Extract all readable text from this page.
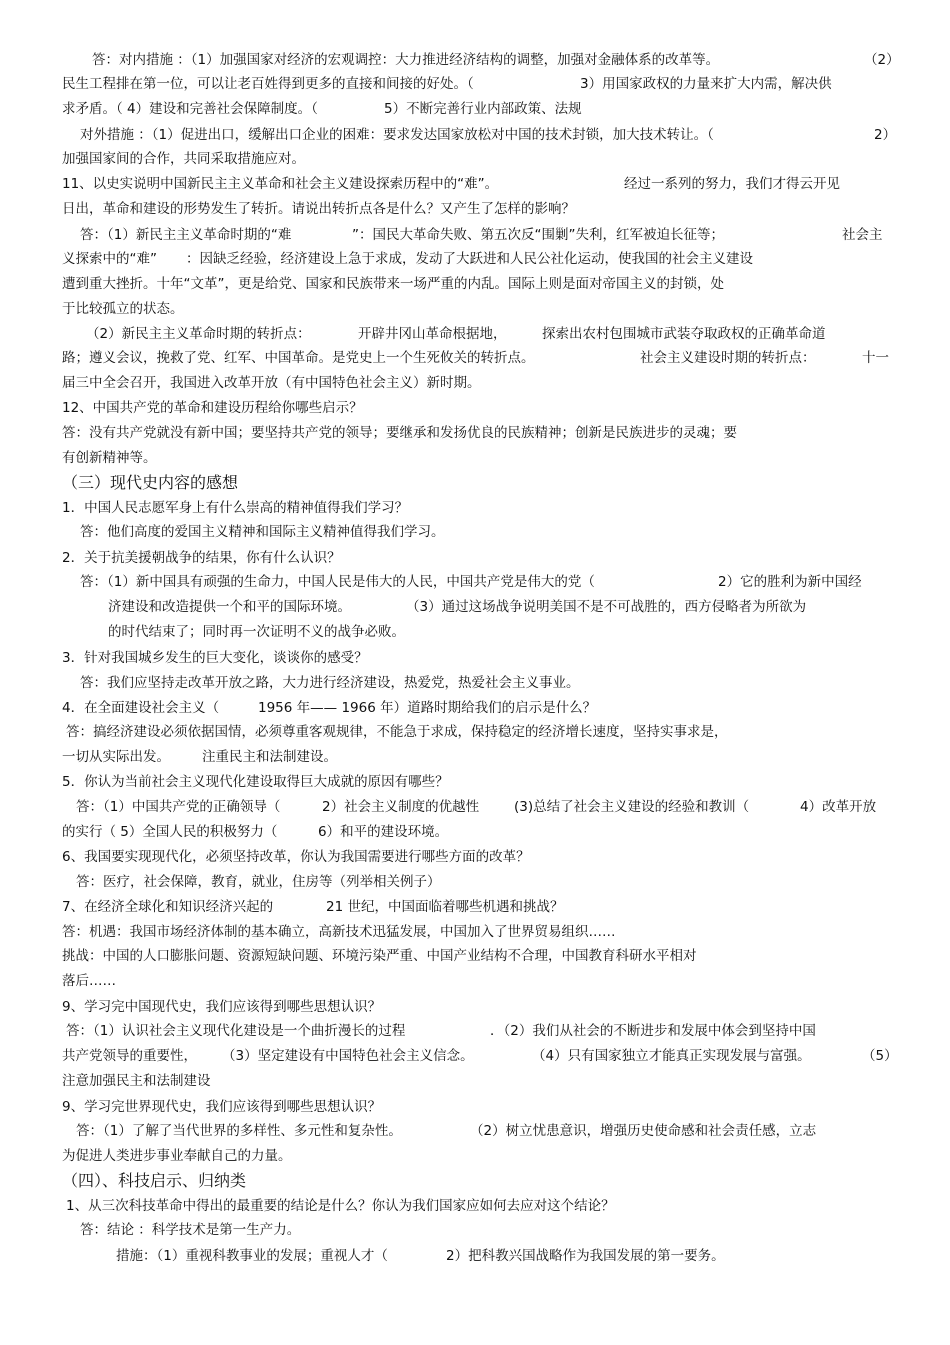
答：对内措施 ：（1）加强国家对经济的宏观调控：大力推进经济结构的调整，加强对金融体系的改革等。	（2）
民生工程排在第一位，可以让老百姓得到更多的直接和间接的好处。（	3）用国家政权的力量来扩大内需，解决供
求矛盾。（ 4）建设和完善社会保障制度。（	5）不断完善行业内部政策、法规
对外措施 ：（1）促进出口，缓解出口企业的困难：要求发达国家放松对中国的技术封锁，加大技术转让。（	2）
加强国家间的合作，共同采取措施应对。
11、以史实说明中国新民主主义革命和社会主义建设探索历程中的“难”。	经过一系列的努力，我们才得云开见
日出，革命和建设的形势发生了转折。请说出转折点各是什么？又产生了怎样的影响？
答：（1）新民主主义革命时期的“难	”：国民大革命失败、第五次反“围剿”失利，红军被迫长征等；	社会主
义探索中的“难” ：因缺乏经验，经济建设上急于求成，发动了大跃进和人民公社化运动，使我国的社会主义建设
遭到重大挫折。十年“文革”，更是给党、国家和民族带来一场严重的内乱。国际上则是面对帝国主义的封锁，处
于比较孤立的状态。
（2）新民主主义革命时期的转折点：	开辟井冈山革命根据地，	探索出农村包围城市武装夺取政权的正确革命道
路；遵义会议，挽救了党、红军、中国革命。是党史上一个生死攸关的转折点。	社会主义建设时期的转折点：	十一
届三中全会召开，我国进入改革开放（有中国特色社会主义）新时期。
12、中国共产党的革命和建设历程给你哪些启示？
答：没有共产党就没有新中国；要坚持共产党的领导；要继承和发扬优良的民族精神；创新是民族进步的灵魂；要
有创新精神等。
（三）现代史内容的感想
1．中国人民志愿军身上有什么崇高的精神值得我们学习？
答：他们高度的爱国主义精神和国际主义精神值得我们学习。
2．关于抗美援朝战争的结果，你有什么认识？
答：（1）新中国具有顽强的生命力，中国人民是伟大的人民，中国共产党是伟大的党（	2）它的胜利为新中国经
济建设和改造提供一个和平的国际环境。	（3）通过这场战争说明美国不是不可战胜的，西方侵略者为所欲为
的时代结束了；同时再一次证明不义的战争必败。
3．针对我国城乡发生的巨大变化，谈谈你的感受？
答：我们应坚持走改革开放之路，大力进行经济建设，热爱党，热爱社会主义事业。
4．在全面建设社会主义（	1956 年—— 1966 年）道路时期给我们的启示是什么？
答：搞经济建设必须依据国情，必须尊重客观规律，不能急于求成，保持稳定的经济增长速度，坚持实事求是，
一切从实际出发。 注重民主和法制建设。
5．你认为当前社会主义现代化建设取得巨大成就的原因有哪些？
答：（1）中国共产党的正确领导（	2）社会主义制度的优越性	(3)总结了社会主义建设的经验和教训（	4）改革开放
的实行（ 5）全国人民的积极努力（	6）和平的建设环境。
6、我国要实现现代化，必须坚持改革，你认为我国需要进行哪些方面的改革？
答：医疗，社会保障，教育，就业，住房等（列举相关例子）
7、在经济全球化和知识经济兴起的	21 世纪，中国面临着哪些机遇和挑战？
答：机遇：我国市场经济体制的基本确立，高新技术迅猛发展，中国加入了世界贸易组织……
挑战：中国的人口膨胀问题、资源短缺问题、环境污染严重、中国产业结构不合理，中国教育科研水平相对
落后……
9、学习完中国现代史，我们应该得到哪些思想认识？
答：（1）认识社会主义现代化建设是一个曲折漫长的过程	．（2）我们从社会的不断进步和发展中体会到坚持中国
共产党领导的重要性， （3）坚定建设有中国特色社会主义信念。	（4）只有国家独立才能真正实现发展与富强。	（5）
注意加强民主和法制建设
9、学习完世界现代史，我们应该得到哪些思想认识？
答：（1）了解了当代世界的多样性、多元性和复杂性。	（2）树立忧患意识，增强历史使命感和社会责任感，立志
为促进人类进步事业奉献自己的力量。
（四）、科技启示、归纳类
1、从三次科技革命中得出的最重要的结论是什么？你认为我们国家应如何去应对这个结论？
答：结论 ：科学技术是第一生产力。
措施：（1）重视科教事业的发展；重视人才（	2）把科教兴国战略作为我国发展的第一要务。
